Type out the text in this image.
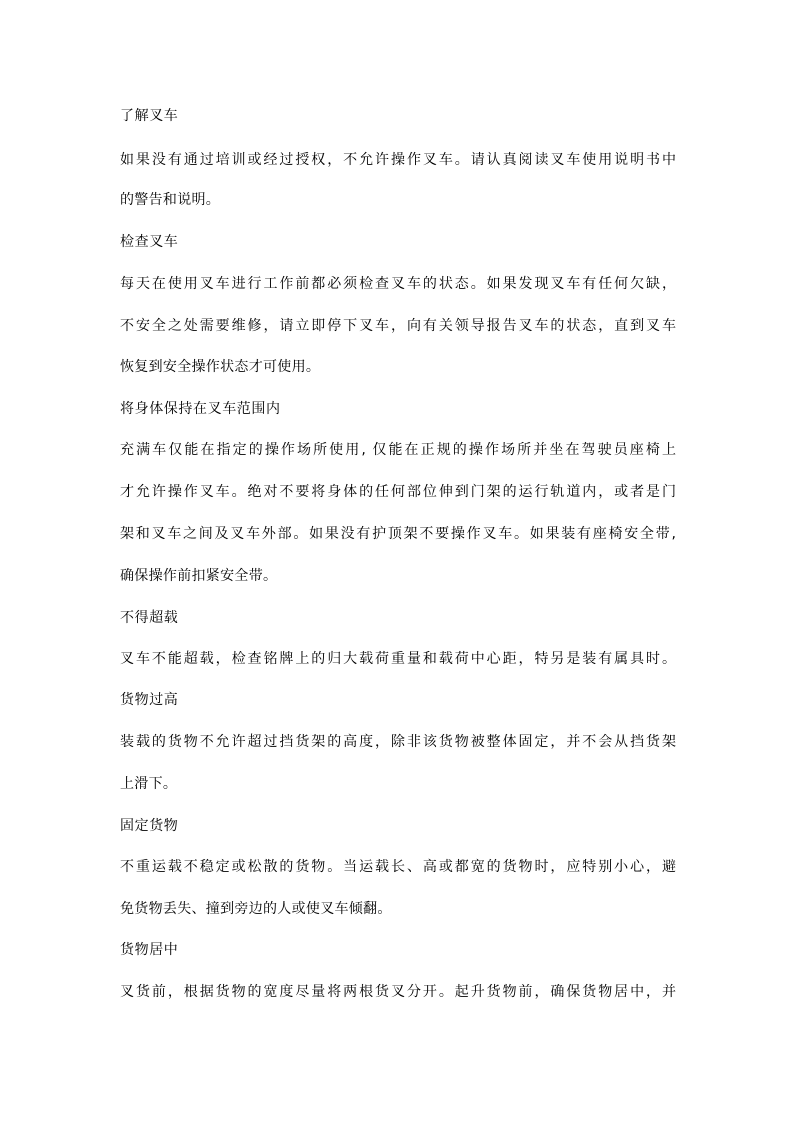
了解叉车
如果没有通过培训或经过授权，不允许操作叉车。请认真阅读叉车使用说明书中
的警告和说明。
检查叉车
每天在使用叉车进行工作前都必须检查叉车的状态。如果发现叉车有任何欠缺，
不安全之处需要维修，请立即停下叉车，向有关领导报告叉车的状态，直到叉车
恢复到安全操作状态才可使用。
将身体保持在叉车范围内
充满车仅能在指定的操作场所使用, 仅能在正规的操作场所并坐在驾驶员座椅上
才允许操作叉车。绝对不要将身体的任何部位伸到门架的运行轨道内，或者是门
架和叉车之间及叉车外部。如果没有护顶架不要操作叉车。如果装有座椅安全带,
确保操作前扣紧安全带。
不得超载
叉车不能超载，检查铭牌上的归大载荷重量和载荷中心距，特另是装有属具时。
货物过高
装载的货物不允许超过挡货架的高度，除非该货物被整体固定，并不会从挡货架
上滑下。
固定货物
不重运载不稳定或松散的货物。当运载长、高或都宽的货物时，应特别小心，避
免货物丢失、撞到旁边的人或使叉车倾翻。
货物居中
叉货前，根据货物的宽度尽量将两根货叉分开。起升货物前，确保货物居中，并
